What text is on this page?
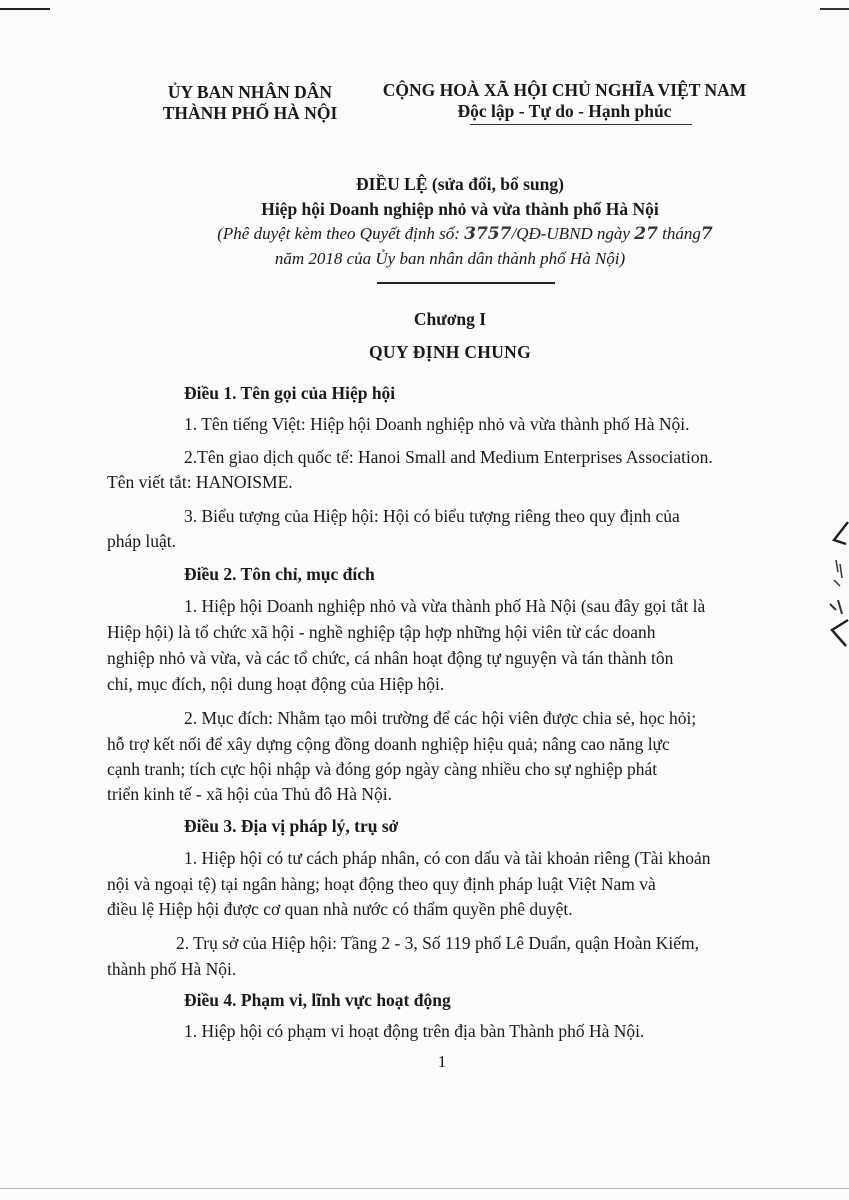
ỦY BAN NHÂN DÂN
THÀNH PHỐ HÀ NỘI
CỘNG HOÀ XÃ HỘI CHỦ NGHĨA VIỆT NAM
Độc lập - Tự do - Hạnh phúc
ĐIỀU LỆ (sửa đổi, bổ sung)
Hiệp hội Doanh nghiệp nhỏ và vừa thành phố Hà Nội
(Phê duyệt kèm theo Quyết định số: 3757/QĐ-UBND ngày 27 tháng7
năm 2018 của Ủy ban nhân dân thành phố Hà Nội)
Chương I
QUY ĐỊNH CHUNG
Điều 1. Tên gọi của Hiệp hội
1. Tên tiếng Việt: Hiệp hội Doanh nghiệp nhỏ và vừa thành phố Hà Nội.
2.Tên giao dịch quốc tế: Hanoi Small and Medium Enterprises Association.
Tên viết tắt: HANOISME.
3. Biểu tượng của Hiệp hội: Hội có biểu tượng riêng theo quy định của
pháp luật.
Điều 2. Tôn chỉ, mục đích
1. Hiệp hội Doanh nghiệp nhỏ và vừa thành phố Hà Nội (sau đây gọi tắt là
Hiệp hội) là tổ chức xã hội - nghề nghiệp tập hợp những hội viên từ các doanh
nghiệp nhỏ và vừa, và các tổ chức, cá nhân hoạt động tự nguyện và tán thành tôn
chỉ, mục đích, nội dung hoạt động của Hiệp hội.
2. Mục đích: Nhằm tạo môi trường để các hội viên được chia sẻ, học hỏi;
hỗ trợ kết nối để xây dựng cộng đồng doanh nghiệp hiệu quả; nâng cao năng lực
cạnh tranh; tích cực hội nhập và đóng góp ngày càng nhiều cho sự nghiệp phát
triển kinh tế - xã hội của Thủ đô Hà Nội.
Điều 3. Địa vị pháp lý, trụ sở
1. Hiệp hội có tư cách pháp nhân, có con dấu và tài khoản riêng (Tài khoản
nội và ngoại tệ) tại ngân hàng; hoạt động theo quy định pháp luật Việt Nam và
điều lệ Hiệp hội được cơ quan nhà nước có thẩm quyền phê duyệt.
2. Trụ sở của Hiệp hội: Tầng 2 - 3, Số 119 phố Lê Duẩn, quận Hoàn Kiếm,
thành phố Hà Nội.
Điều 4. Phạm vi, lĩnh vực hoạt động
1. Hiệp hội có phạm vi hoạt động trên địa bàn Thành phố Hà Nội.
1
